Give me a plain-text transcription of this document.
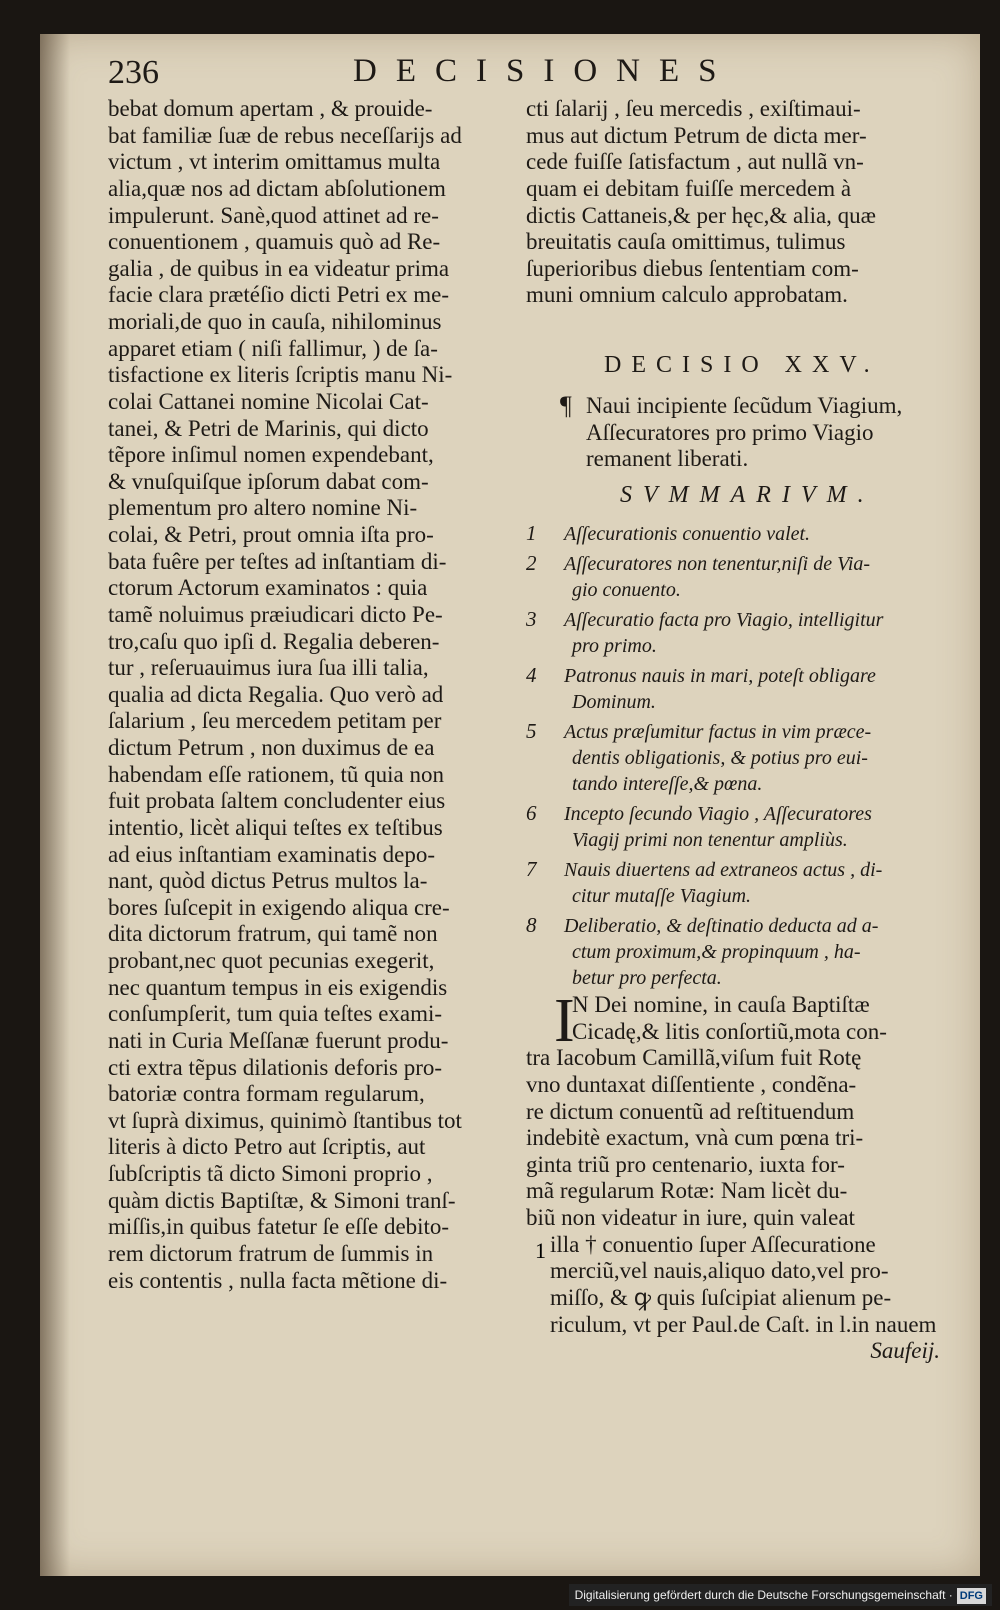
236	DECISIONES
bebat domum apertam , & prouide-
bat familiæ ſuæ de rebus neceſſarijs ad
victum , vt interim omittamus multa
alia,quæ nos ad dictam abſolutionem
impulerunt. Sanè,quod attinet ad re-
conuentionem , quamuis quò ad Re-
galia , de quibus in ea videatur prima
facie clara prætéſio dicti Petri ex me-
moriali,de quo in cauſa, nihilominus
apparet etiam ( niſi fallimur, ) de ſa-
tisfactione ex literis ſcriptis manu Ni-
colai Cattanei nomine Nicolai Cat-
tanei, & Petri de Marinis, qui dicto
tẽpore inſimul nomen expendebant,
& vnuſquiſque ipſorum dabat com-
plementum pro altero nomine Ni-
colai, & Petri, prout omnia iſta pro-
bata fuêre per teſtes ad inſtantiam di-
ctorum Actorum examinatos : quia
tamẽ noluimus præiudicari dicto Pe-
tro,caſu quo ipſi d. Regalia deberen-
tur , reſeruauimus iura ſua illi talia,
qualia ad dicta Regalia. Quo verò ad
ſalarium , ſeu mercedem petitam per
dictum Petrum , non duximus de ea
habendam eſſe rationem, tũ quia non
fuit probata ſaltem concludenter eius
intentio, licèt aliqui teſtes ex teſtibus
ad eius inſtantiam examinatis depo-
nant, quòd dictus Petrus multos la-
bores ſuſcepit in exigendo aliqua cre-
dita dictorum fratrum, qui tamẽ non
probant,nec quot pecunias exegerit,
nec quantum tempus in eis exigendis
conſumpſerit, tum quia teſtes exami-
nati in Curia Meſſanæ fuerunt produ-
cti extra tẽpus dilationis deforis pro-
batoriæ contra formam regularum,
vt ſuprà diximus, quinimò ſtantibus tot
literis à dicto Petro aut ſcriptis, aut
ſubſcriptis tã dicto Simoni proprio ,
quàm dictis Baptiſtæ, & Simoni tranſ-
miſſis,in quibus fatetur ſe eſſe debito-
rem dictorum fratrum de ſummis in
eis contentis , nulla facta mẽtione di-
cti ſalarij , ſeu mercedis , exiſtimaui-
mus aut dictum Petrum de dicta mer-
cede fuiſſe ſatisfactum , aut nullã vn-
quam ei debitam fuiſſe mercedem à
dictis Cattaneis,& per hęc,& alia, quæ
breuitatis cauſa omittimus, tulimus
ſuperioribus diebus ſententiam com-
muni omnium calculo approbatam.
DECISIO XXV.
¶ Naui incipiente ſecũdum Viagium,
Aſſecuratores pro primo Viagio
remanent liberati.
SVMMARIVM.
1 Aſſecurationis conuentio valet.
2 Aſſecuratores non tenentur,niſi de Via-
gio conuento.
3 Aſſecuratio facta pro Viagio, intelligitur
pro primo.
4 Patronus nauis in mari, poteſt obligare
Dominum.
5 Actus præſumitur factus in vim præce-
dentis obligationis, & potius pro eui-
tando intereſſe,& pœna.
6 Incepto ſecundo Viagio , Aſſecuratores
Viagij primi non tenentur ampliùs.
7 Nauis diuertens ad extraneos actus , di-
citur mutaſſe Viagium.
8 Deliberatio, & deſtinatio deducta ad a-
ctum proximum,& propinquum , ha-
betur pro perfecta.
I
N Dei nomine, in cauſa Baptiſtæ
Cicadę,& litis conſortiũ,mota con-
tra Iacobum Camillã,viſum fuit Rotę
vno duntaxat diſſentiente , condẽna-
re dictum conuentũ ad reſtituendum
indebitè exactum, vnà cum pœna tri-
ginta triũ pro centenario, iuxta for-
mã regularum Rotæ: Nam licèt du-
biũ non videatur in iure, quin valeat
illa † conuentio ſuper Aſſecuratione
merciũ,vel nauis,aliquo dato,vel pro-
miſſo, & ꝙ quis ſuſcipiat alienum pe-
riculum, vt per Paul.de Caſt. in l.in nauem
Saufeij.
1
Digitalisierung gefördert durch die Deutsche Forschungsgemeinschaft · DFG
